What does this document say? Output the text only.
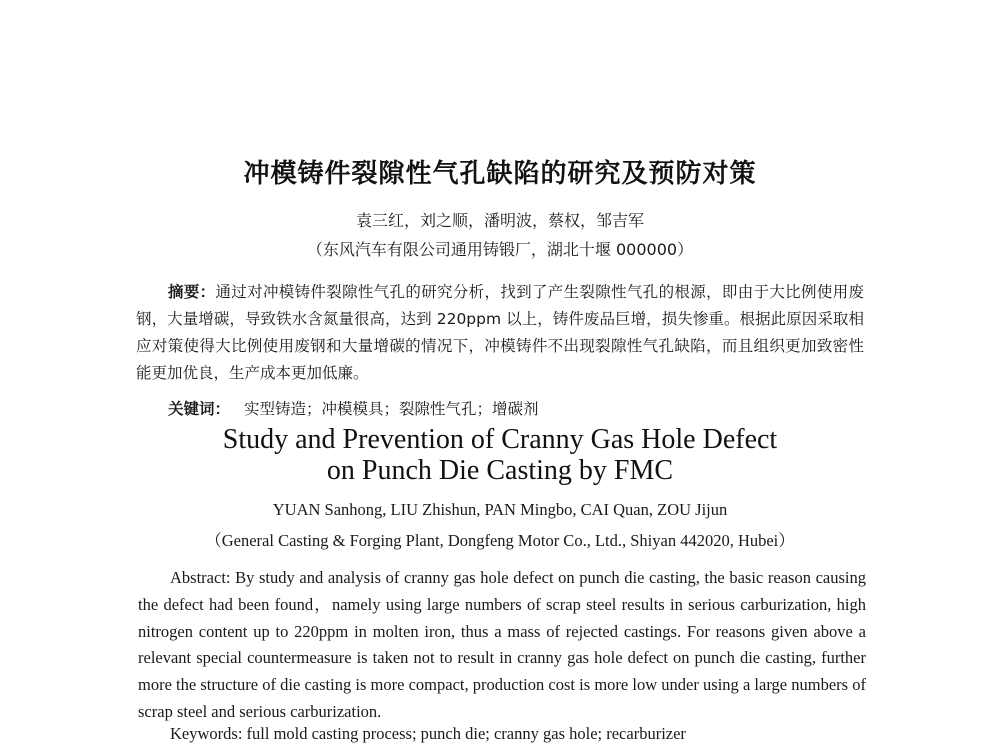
冲模铸件裂隙性气孔缺陷的研究及预防对策
袁三红，刘之顺，潘明波，蔡权，邹吉军
（东风汽车有限公司通用铸锻厂，湖北十堰 000000）
摘要：通过对冲模铸件裂隙性气孔的研究分析，找到了产生裂隙性气孔的根源，即由于大比例使用废钢，大量增碳，导致铁水含氮量很高，达到 220ppm 以上，铸件废品巨增，损失惨重。根据此原因采取相应对策使得大比例使用废钢和大量增碳的情况下，冲模铸件不出现裂隙性气孔缺陷，而且组织更加致密性能更加优良，生产成本更加低廉。
关键词： 实型铸造；冲模模具；裂隙性气孔；增碳剂
Study and Prevention of Cranny Gas Hole Defect
on Punch Die Casting by FMC
YUAN Sanhong, LIU Zhishun, PAN Mingbo, CAI Quan, ZOU Jijun
（General Casting & Forging Plant, Dongfeng Motor Co., Ltd., Shiyan 442020, Hubei）
Abstract: By study and analysis of cranny gas hole defect on punch die casting, the basic reason causing the defect had been found，namely using large numbers of scrap steel results in serious carburization, high nitrogen content up to 220ppm in molten iron, thus a mass of rejected castings. For reasons given above a relevant special countermeasure is taken not to result in cranny gas hole defect on punch die casting, further more the structure of die casting is more compact, production cost is more low under using a large numbers of scrap steel and serious carburization.
Keywords: full mold casting process; punch die; cranny gas hole; recarburizer
